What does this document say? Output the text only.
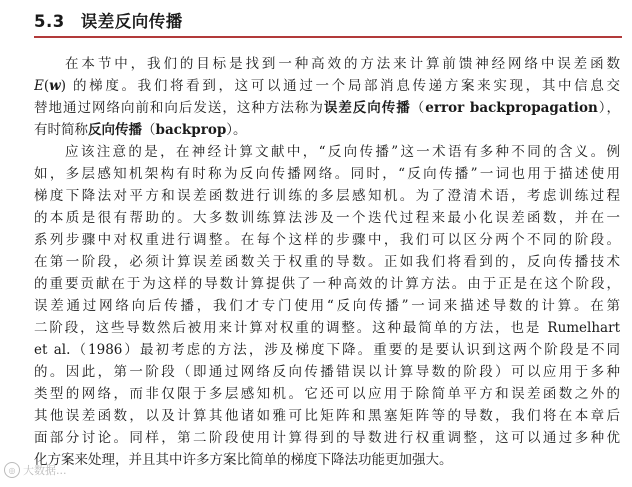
5.3 误差反向传播
在本节中，我们的目标是找到一种高效的方法来计算前馈神经网络中误差函数
E(w) 的梯度。我们将看到，这可以通过一个局部消息传递方案来实现，其中信息交
替地通过网络向前和向后发送，这种方法称为误差反向传播（error backpropagation），
有时简称反向传播（backprop）。
应该注意的是，在神经计算文献中，“反向传播”这一术语有多种不同的含义。例
如，多层感知机架构有时称为反向传播网络。同时，“反向传播”一词也用于描述使用
梯度下降法对平方和误差函数进行训练的多层感知机。为了澄清术语，考虑训练过程
的本质是很有帮助的。大多数训练算法涉及一个迭代过程来最小化误差函数，并在一
系列步骤中对权重进行调整。在每个这样的步骤中，我们可以区分两个不同的阶段。
在第一阶段，必须计算误差函数关于权重的导数。正如我们将看到的，反向传播技术
的重要贡献在于为这样的导数计算提供了一种高效的计算方法。由于正是在这个阶段，
误差通过网络向后传播，我们才专门使用“反向传播”一词来描述导数的计算。在第
二阶段，这些导数然后被用来计算对权重的调整。这种最简单的方法，也是 Rumelhart
et al.（1986）最初考虑的方法，涉及梯度下降。重要的是要认识到这两个阶段是不同
的。因此，第一阶段（即通过网络反向传播错误以计算导数的阶段）可以应用于多种
类型的网络，而非仅限于多层感知机。它还可以应用于除简单平方和误差函数之外的
其他误差函数，以及计算其他诸如雅可比矩阵和黑塞矩阵等的导数，我们将在本章后
面部分讨论。同样，第二阶段使用计算得到的导数进行权重调整，这可以通过多种优
化方案来处理，并且其中许多方案比简单的梯度下降法功能更加强大。
◎ 大数据...
